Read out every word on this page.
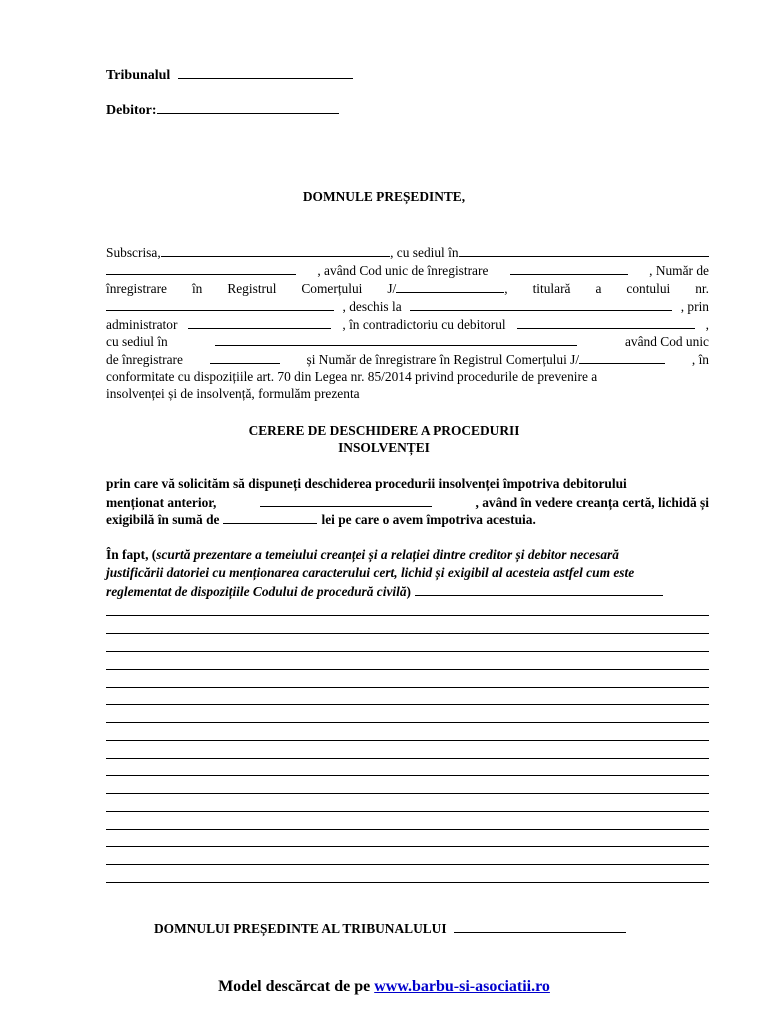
Tribunalul
Debitor:
DOMNULE PREȘEDINTE,
Subscrisa,	, cu sediul în
, având Cod unic de înregistrare	, Număr de
înregistrare în Registrul Comerțului J/	, titulară a contului nr.
, deschis la	, prin
administrator	, în contradictoriu cu debitorul	,
cu sediul în	având Cod unic
de înregistrare	și Număr de înregistrare în Registrul Comerțului J/	, în
conformitate cu dispozițiile art. 70 din Legea nr. 85/2014 privind procedurile de prevenire a
insolvenței și de insolvență, formulăm prezenta
CERERE DE DESCHIDERE A PROCEDURII
INSOLVENȚEI
prin care vă solicităm să dispuneți deschiderea procedurii insolvenței împotriva debitorului
menționat anterior,	, având în vedere creanța certă, lichidă și
exigibilă în sumă de	lei pe care o avem împotriva acestuia.
În fapt, (scurtă prezentare a temeiului creanței și a relației dintre creditor și debitor necesară
justificării datoriei cu menționarea caracterului cert, lichid și exigibil al acesteia astfel cum este
reglementat de dispozițiile Codului de procedură civilă )
DOMNULUI PREȘEDINTE AL TRIBUNALULUI
Model descărcat de pe www.barbu-si-asociatii.ro
